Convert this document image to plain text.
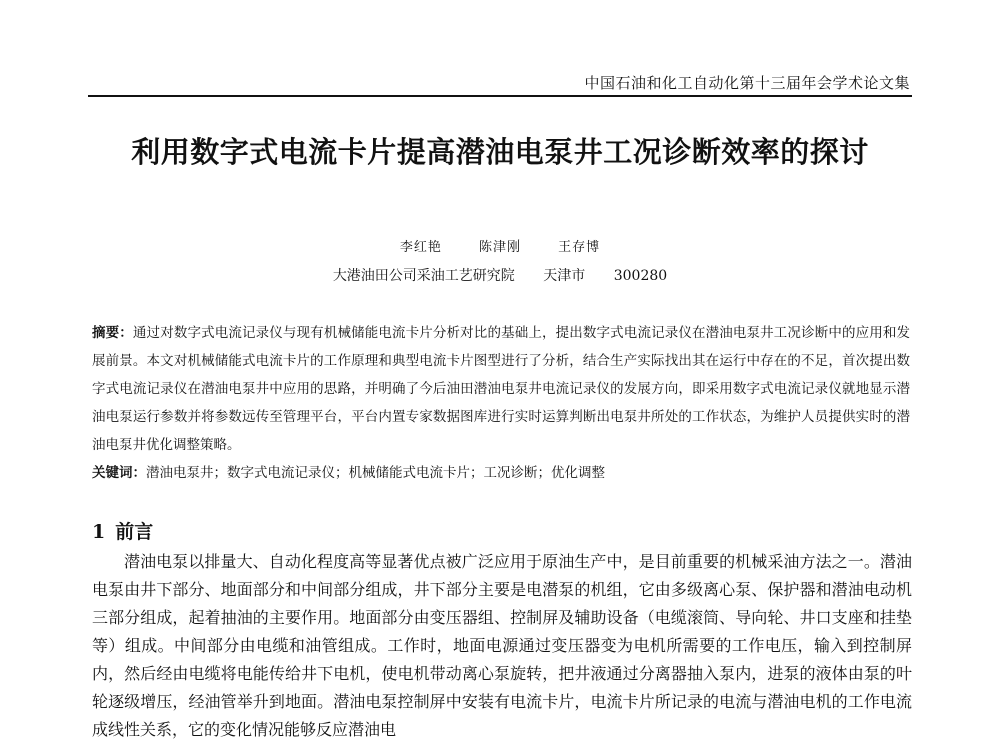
中国石油和化工自动化第十三届年会学术论文集
利用数字式电流卡片提高潜油电泵井工况诊断效率的探讨
李红艳	陈津刚	王存博
大港油田公司采油工艺研究院 天津市 300280
摘要：通过对数字式电流记录仪与现有机械储能电流卡片分析对比的基础上，提出数字式电流记录仪在潜油电泵井工况诊断中的应用和发展前景。本文对机械储能式电流卡片的工作原理和典型电流卡片图型进行了分析，结合生产实际找出其在运行中存在的不足，首次提出数字式电流记录仪在潜油电泵井中应用的思路，并明确了今后油田潜油电泵井电流记录仪的发展方向，即采用数字式电流记录仪就地显示潜油电泵运行参数并将参数远传至管理平台，平台内置专家数据图库进行实时运算判断出电泵井所处的工作状态，为维护人员提供实时的潜油电泵井优化调整策略。
关键词：潜油电泵井；数字式电流记录仪；机械储能式电流卡片；工况诊断；优化调整
1 前言
潜油电泵以排量大、自动化程度高等显著优点被广泛应用于原油生产中，是目前重要的机械采油方法之一。潜油电泵由井下部分、地面部分和中间部分组成，井下部分主要是电潜泵的机组，它由多级离心泵、保护器和潜油电动机三部分组成，起着抽油的主要作用。地面部分由变压器组、控制屏及辅助设备（电缆滚筒、导向轮、井口支座和挂垫等）组成。中间部分由电缆和油管组成。工作时，地面电源通过变压器变为电机所需要的工作电压，输入到控制屏内，然后经由电缆将电能传给井下电机，使电机带动离心泵旋转，把井液通过分离器抽入泵内，进泵的液体由泵的叶轮逐级增压，经油管举升到地面。潜油电泵控制屏中安装有电流卡片，电流卡片所记录的电流与潜油电机的工作电流成线性关系，它的变化情况能够反应潜油电
